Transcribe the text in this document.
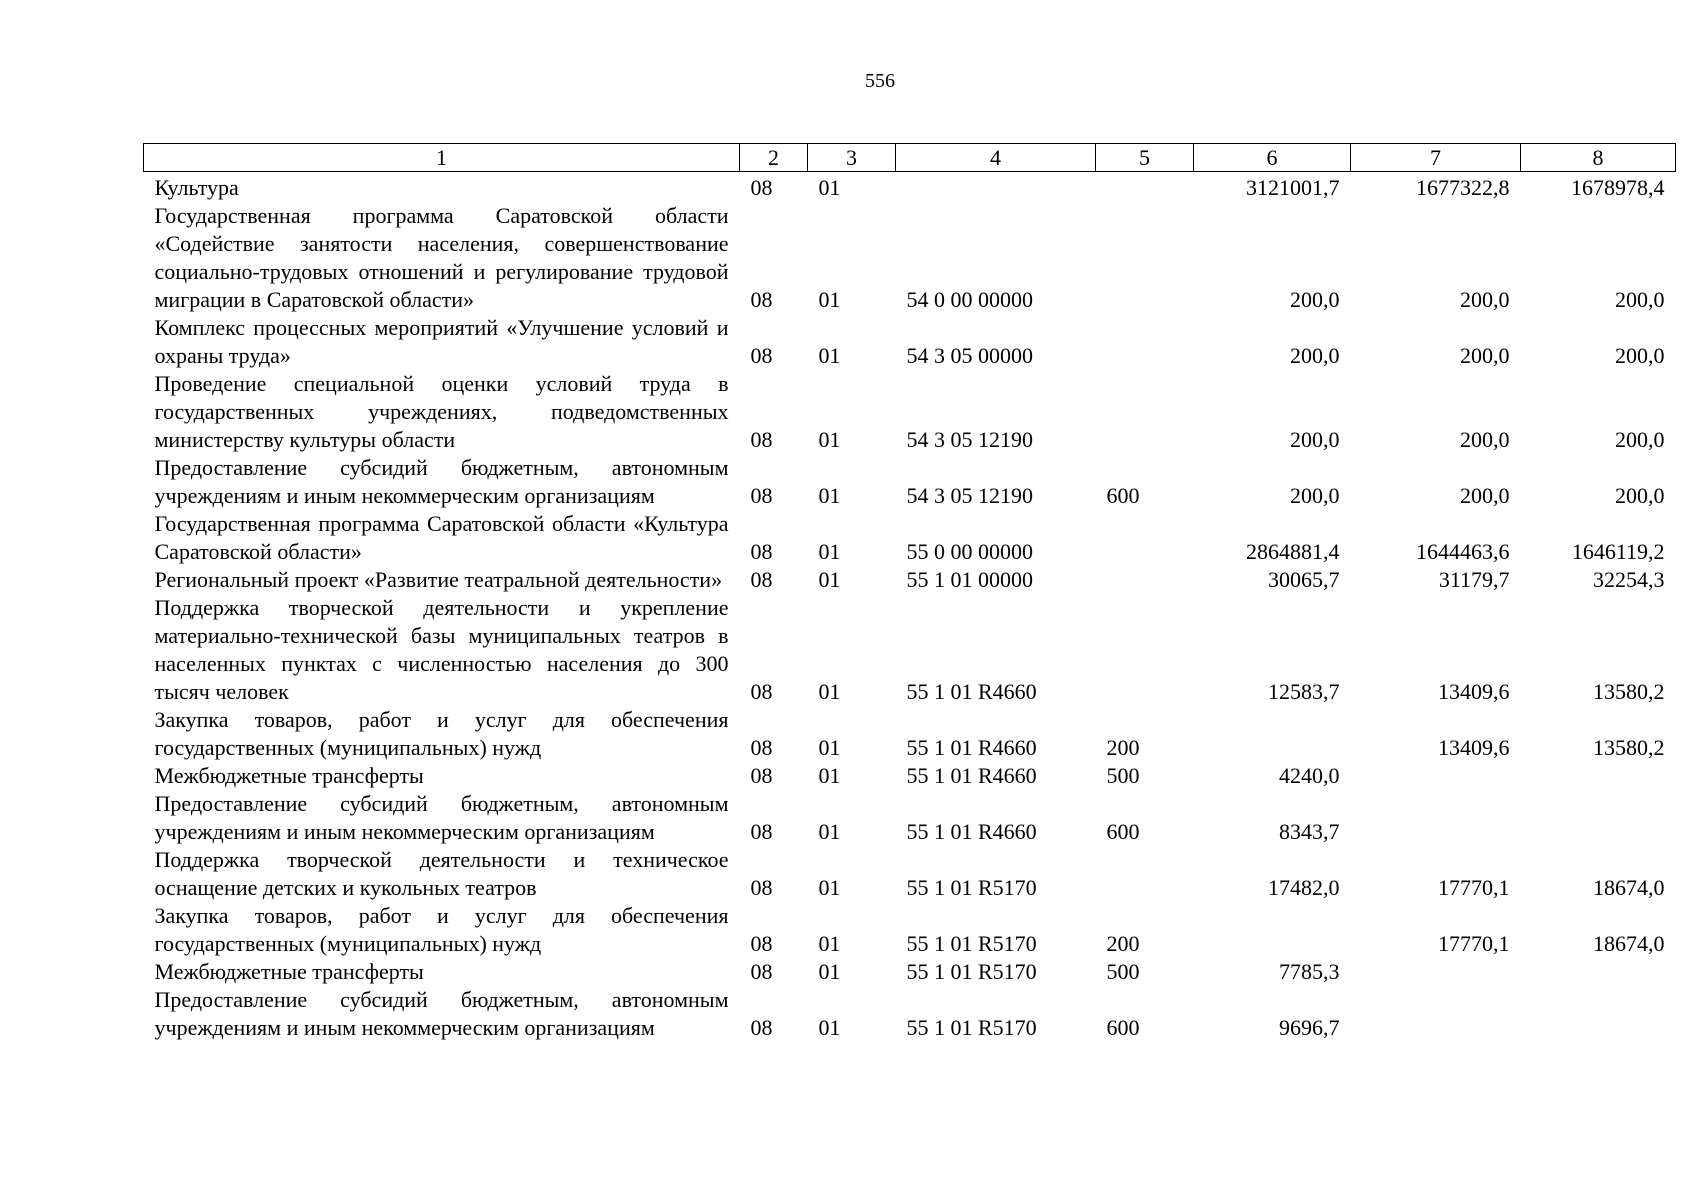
556
1	2	3	4	5	6	7	8
Культура	08	01			3121001,7	1677322,8	1678978,4
Государственная программа Саратовской области «Содействие занятости населения, совершенствование социально-трудовых отношений и регулирование трудовой миграции в Саратовской области»	08	01	54 0 00 00000		200,0	200,0	200,0
Комплекс процессных мероприятий «Улучшение условий и охраны труда»	08	01	54 3 05 00000		200,0	200,0	200,0
Проведение специальной оценки условий труда в государственных учреждениях, подведомственных министерству культуры области	08	01	54 3 05 12190		200,0	200,0	200,0
Предоставление субсидий бюджетным, автономным учреждениям и иным некоммерческим организациям	08	01	54 3 05 12190	600	200,0	200,0	200,0
Государственная программа Саратовской области «Культура Саратовской области»	08	01	55 0 00 00000		2864881,4	1644463,6	1646119,2
Региональный проект «Развитие театральной деятельности»	08	01	55 1 01 00000		30065,7	31179,7	32254,3
Поддержка творческой деятельности и укрепление материально-технической базы муниципальных театров в населенных пунктах с численностью населения до 300 тысяч человек	08	01	55 1 01 R4660		12583,7	13409,6	13580,2
Закупка товаров, работ и услуг для обеспечения государственных (муниципальных) нужд	08	01	55 1 01 R4660	200		13409,6	13580,2
Межбюджетные трансферты	08	01	55 1 01 R4660	500	4240,0		
Предоставление субсидий бюджетным, автономным учреждениям и иным некоммерческим организациям	08	01	55 1 01 R4660	600	8343,7		
Поддержка творческой деятельности и техническое оснащение детских и кукольных театров	08	01	55 1 01 R5170		17482,0	17770,1	18674,0
Закупка товаров, работ и услуг для обеспечения государственных (муниципальных) нужд	08	01	55 1 01 R5170	200		17770,1	18674,0
Межбюджетные трансферты	08	01	55 1 01 R5170	500	7785,3		
Предоставление субсидий бюджетным, автономным учреждениям и иным некоммерческим организациям	08	01	55 1 01 R5170	600	9696,7		
